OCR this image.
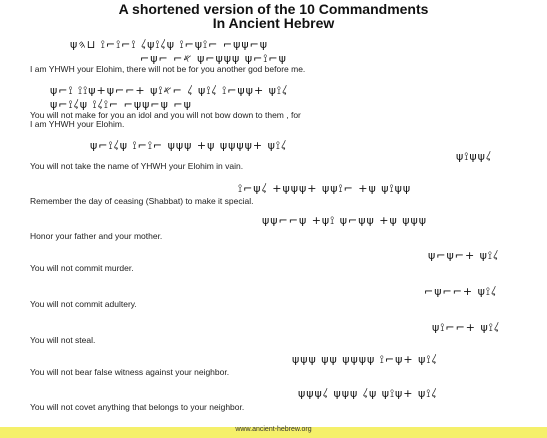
A shortened version of the 10 Commandments
In Ancient Hebrew
ψ𐤋 ⟟⌐⟟⌐⟟ ⊔𐤄ψ⟟𐤋ψ ⟟⌐ψ⟟⌐ ⌐ψψ⌐ψ
⌐ψ⌐ ⌐𐤀 ψ⌐ψψψ ψ⌐⟟⌐ψ
I am YHWH your Elohim, there will not be for you another god before me.
ψ⌐⟟ ⟟⟟ψ+ψ⌐⌐+ ψ⟟𐤋 ⌐𐤀 ψ⟟𐤋 ⟟⌐ψψ+ ψ⟟𐤋
ψ⌐⟟𐤋ψ ⟟𐤋⟟⌐ ⌐ψψ⌐ψ ⌐ψ
You will not make for you an idol and you will not bow down to them , for
I am YHWH your Elohim.
ψ⌐⟟𐤋ψ ⟟⌐⟟⌐ ψψψ +ψ ψψψψ+ ψ⟟𐤋
ψ⟟ψψ𐤋
You will not take the name of YHWH your Elohim in vain.
⟟⌐ψ𐤋 +ψψψ+ ψψ⟟⌐ +ψ ψ⟟ψψ
Remember the day of ceasing (Shabbat) to make it special.
ψψ⌐⌐ψ +ψ⟟ ψ⌐ψψ +ψ ψψψ
Honor your father and your mother.
ψ⌐ψ⌐+ ψ⟟𐤋
You will not commit murder.
⌐ψ⌐⌐+ ψ⟟𐤋
You will not commit adultery.
ψ⟟⌐⌐+ ψ⟟𐤋
You will not steal.
ψψψ ψψ ψψψψ ⟟⌐ψ+ ψ⟟𐤋
You will not bear false witness against your neighbor.
ψψψ𐤋 ψψψ 𐤋ψ ψ⟟ψ+ ψ⟟𐤋
You will not covet anything that belongs to your neighbor.
www.ancient-hebrew.org
